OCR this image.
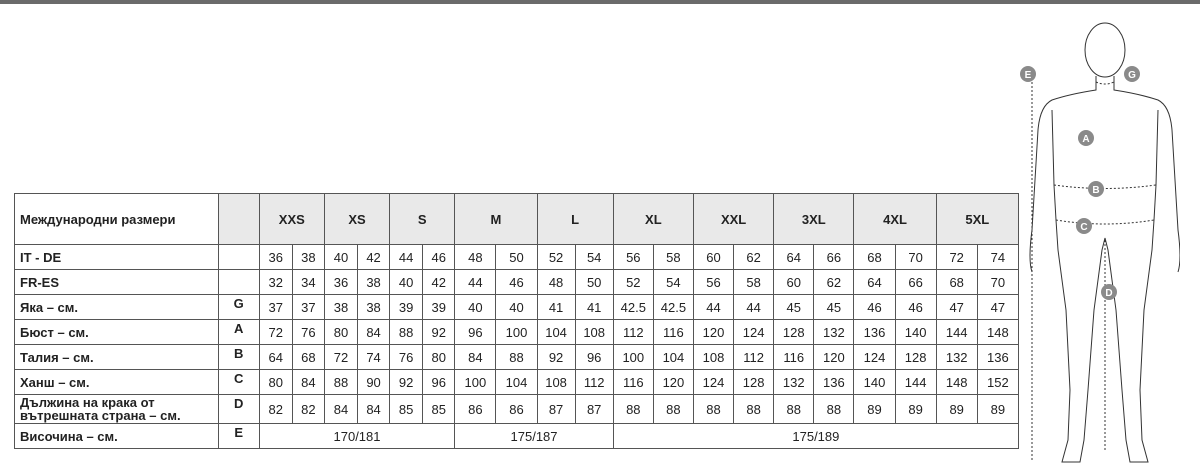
Международни размери		XXS		XS		S		M		L		XL		XXL		3XL		4XL		5XL	
IT - DE		36	38	40	42	44	46	48	50	52	54	56	58	60	62	64	66	68	70	72	74
FR-ES		32	34	36	38	40	42	44	46	48	50	52	54	56	58	60	62	64	66	68	70
Яка – см.	G	37	37	38	38	39	39	40	40	41	41	42.5	42.5	44	44	45	45	46	46	47	47
Бюст – см.	A	72	76	80	84	88	92	96	100	104	108	112	116	120	124	128	132	136	140	144	148
Талия – см.	B	64	68	72	74	76	80	84	88	92	96	100	104	108	112	116	120	124	128	132	136
Ханш – см.	C	80	84	88	90	92	96	100	104	108	112	116	120	124	128	132	136	140	144	148	152
Дължина на крака от вътрешната страна – см.	D	82	82	84	84	85	85	86	86	87	87	88	88	88	88	88	88	89	89	89	89
Височина – см.	E	170/181						175/187				175/189									
E	G
A
B
C
D
